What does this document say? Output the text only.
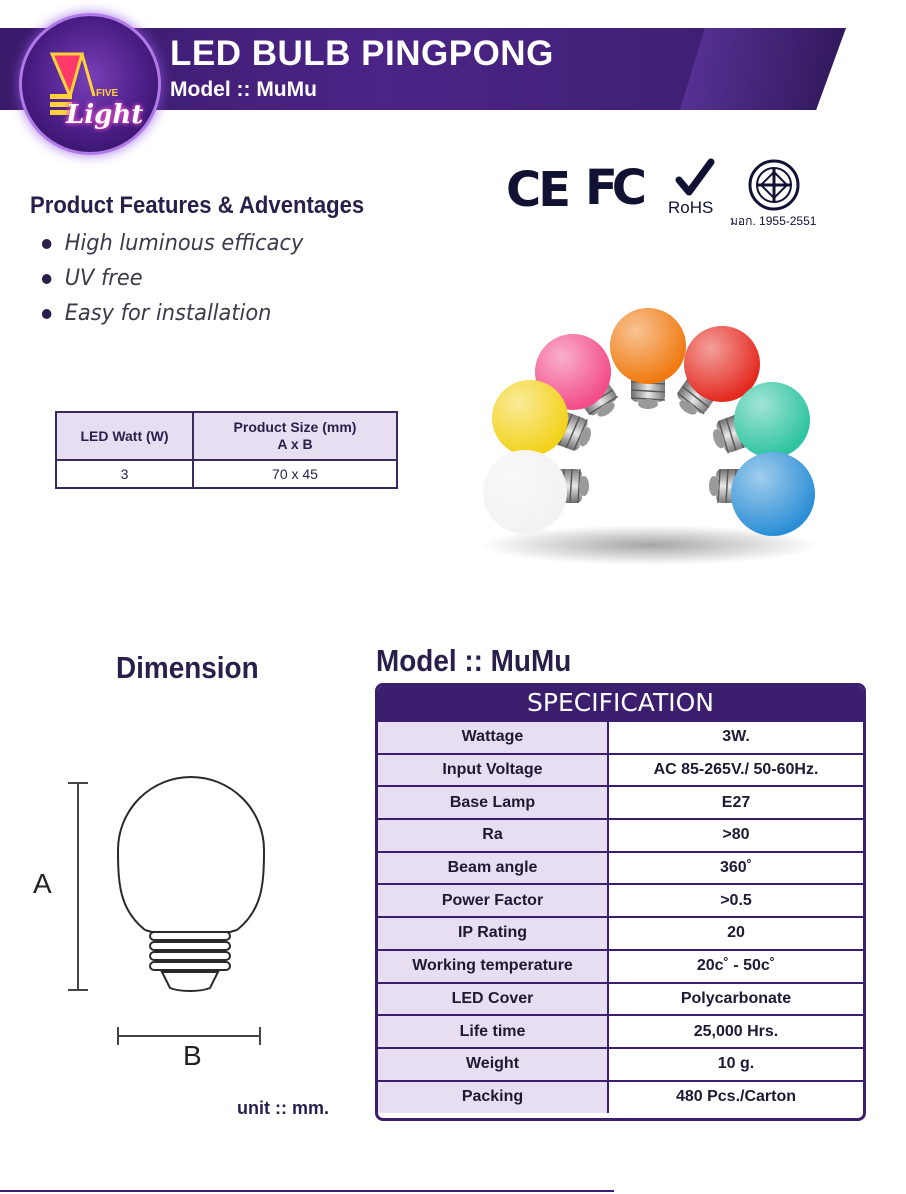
FIVE
Light
LED BULB PINGPONG
Model :: MuMu
Product Features & Adventages
High luminous efficacy
UV free
Easy for installation
CE FC RoHS
มอก. 1955-2551
LED Watt (W)	Product Size (mm)
A x B
3	70 x 45
Dimension
A
B
unit :: mm.
Model :: MuMu
SPECIFICATION
Wattage	3W.
Input Voltage	AC 85-265V./ 50-60Hz.
Base Lamp	E27
Ra	>80
Beam angle	360˚
Power Factor	>0.5
IP Rating	20
Working temperature	20c˚ - 50c˚
LED Cover	Polycarbonate
Life time	25,000 Hrs.
Weight	10 g.
Packing	480 Pcs./Carton
